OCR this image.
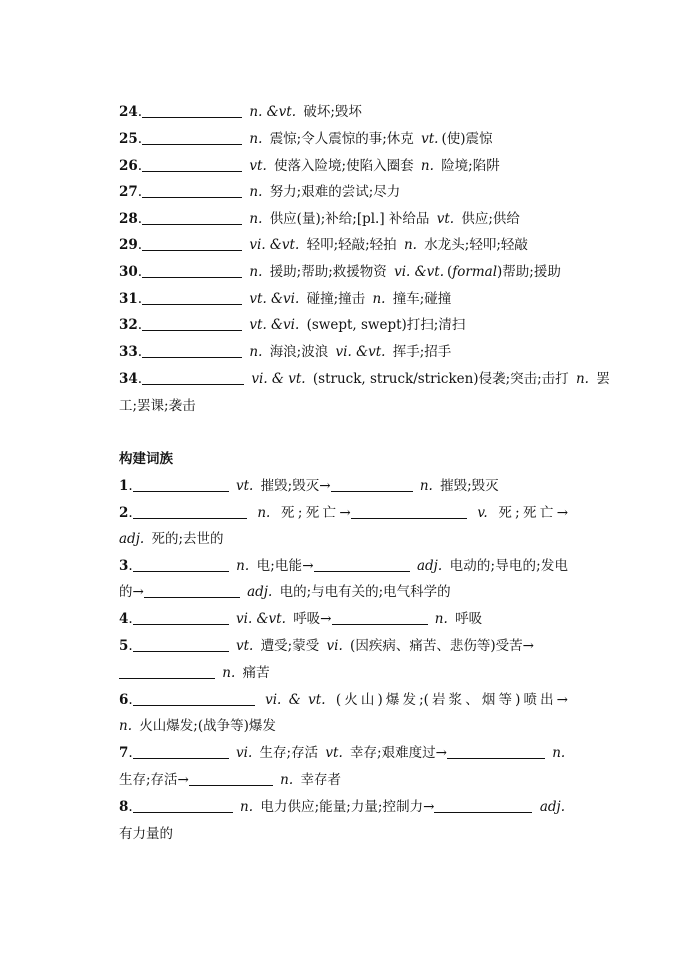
24.	n. &vt. 破坏;毁坏
25.	n. 震惊;令人震惊的事;休克 vt. (使)震惊
26.	vt. 使落入险境;使陷入圈套 n. 险境;陷阱
27.	n. 努力;艰难的尝试;尽力
28.	n. 供应(量);补给;[pl.] 补给品 vt. 供应;供给
29.	vi. &vt. 轻叩;轻敲;轻拍 n. 水龙头;轻叩;轻敲
30.	n. 援助;帮助;救援物资 vi. &vt. (formal)帮助;援助
31.	vt. &vi. 碰撞;撞击 n. 撞车;碰撞
32.	vt. &vi. (swept, swept)打扫;清扫
33.	n. 海浪;波浪 vi. &vt. 挥手;招手
34.	vi. & vt. (struck, struck/stricken)侵袭;突击;击打 n. 罢
工;罢课;袭击
构建词族
1.	vt. 摧毁;毁灭→	n. 摧毁;毁灭
2.	n. 死;死亡→	v. 死;死亡→
adj. 死的;去世的
3.	n. 电;电能→	adj. 电动的;导电的;发电
的→	adj. 电的;与电有关的;电气科学的
4.	vi. &vt. 呼吸→	n. 呼吸
5.	vt. 遭受;蒙受 vi. (因疾病、痛苦、悲伤等)受苦→
n. 痛苦
6.	vi. & vt. (火山)爆发;(岩浆、烟等)喷出→
n. 火山爆发;(战争等)爆发
7.	vi. 生存;存活 vt. 幸存;艰难度过→	n.
生存;存活→	n. 幸存者
8.	n. 电力供应;能量;力量;控制力→	adj.
有力量的
